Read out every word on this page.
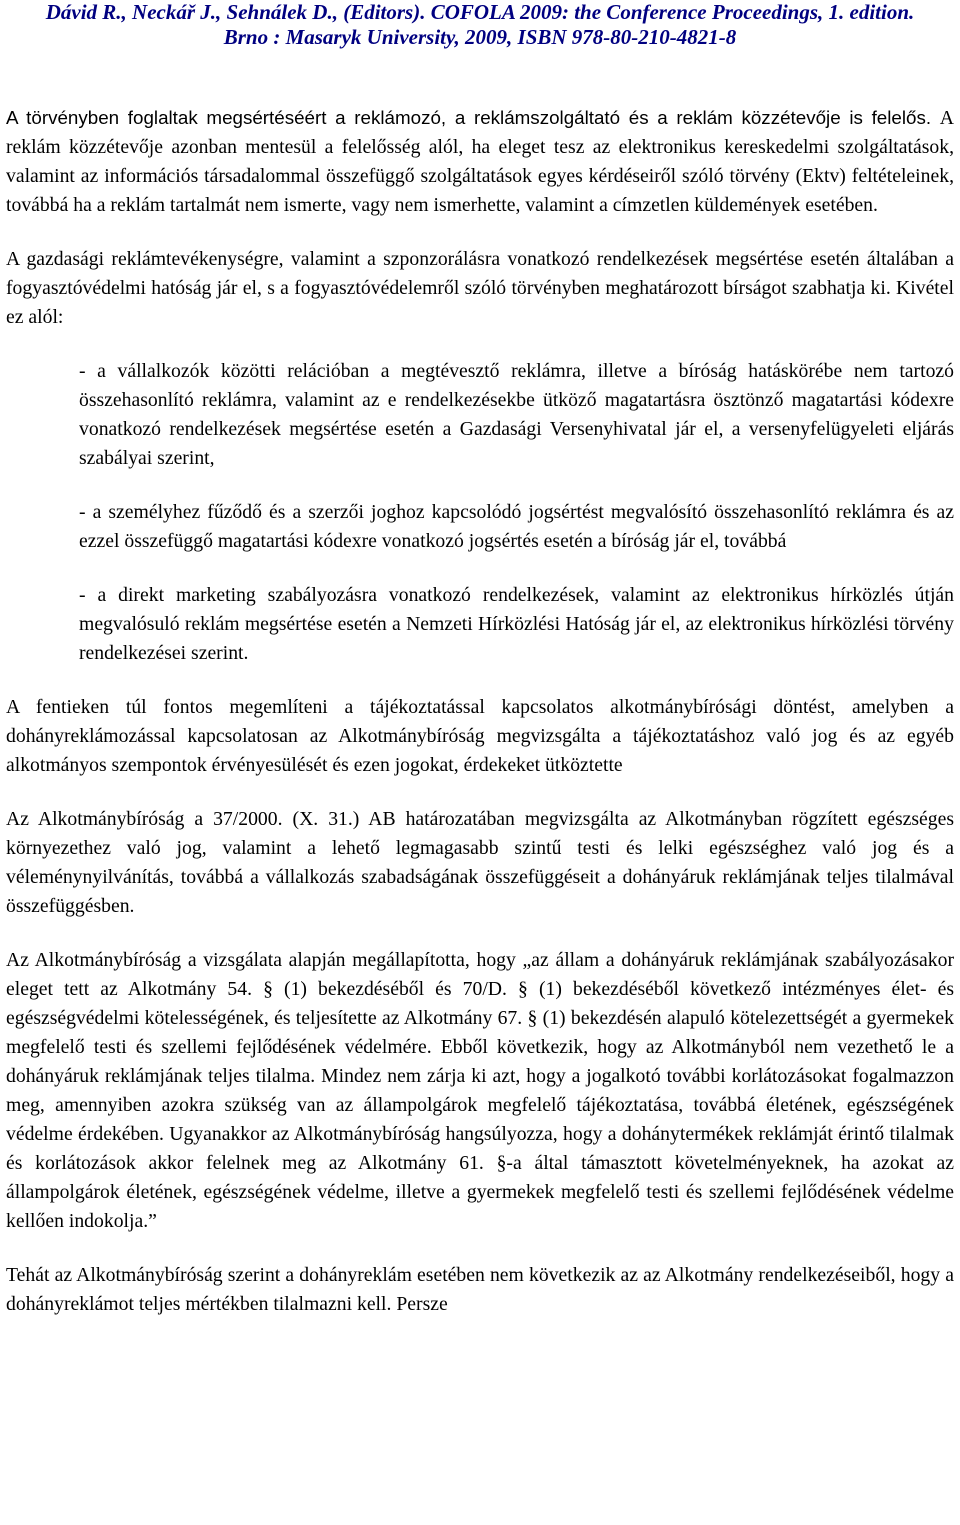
Dávid R., Neckář J., Sehnálek D., (Editors). COFOLA 2009: the Conference Proceedings, 1. edition.
Brno : Masaryk University, 2009, ISBN 978-80-210-4821-8

A törvényben foglaltak megsértéséért a reklámozó, a reklámszolgáltató és a reklám közzétevője is felelős. A reklám közzétevője azonban mentesül a felelősség alól, ha eleget tesz az elektronikus kereskedelmi szolgáltatások, valamint az információs társadalommal összefüggő szolgáltatások egyes kérdéseiről szóló törvény (Ektv) feltételeinek, továbbá ha a reklám tartalmát nem ismerte, vagy nem ismerhette, valamint a címzetlen küldemények esetében.

A gazdasági reklámtevékenységre, valamint a szponzorálásra vonatkozó rendelkezések megsértése esetén általában a fogyasztóvédelmi hatóság jár el, s a fogyasztóvédelemről szóló törvényben meghatározott bírságot szabhatja ki. Kivétel ez alól:

- a vállalkozók közötti relációban a megtévesztő reklámra, illetve a bíróság hatáskörébe nem tartozó összehasonlító reklámra, valamint az e rendelkezésekbe ütköző magatartásra ösztönző magatartási kódexre vonatkozó rendelkezések megsértése esetén a Gazdasági Versenyhivatal jár el, a versenyfelügyeleti eljárás szabályai szerint,

- a személyhez fűződő és a szerzői joghoz kapcsolódó jogsértést megvalósító összehasonlító reklámra és az ezzel összefüggő magatartási kódexre vonatkozó jogsértés esetén a bíróság jár el, továbbá

- a direkt marketing szabályozásra vonatkozó rendelkezések, valamint az elektronikus hírközlés útján megvalósuló reklám megsértése esetén a Nemzeti Hírközlési Hatóság jár el, az elektronikus hírközlési törvény rendelkezései szerint.

A fentieken túl fontos megemlíteni a tájékoztatással kapcsolatos alkotmánybírósági döntést, amelyben a dohányreklámozással kapcsolatosan az Alkotmánybíróság megvizsgálta a tájékoztatáshoz való jog és az egyéb alkotmányos szempontok érvényesülését és ezen jogokat, érdekeket ütköztette

Az Alkotmánybíróság a 37/2000. (X. 31.) AB határozatában megvizsgálta az Alkotmányban rögzített egészséges környezethez való jog, valamint a lehető legmagasabb szintű testi és lelki egészséghez való jog és a véleménynyilvánítás, továbbá a vállalkozás szabadságának összefüggéseit a dohányáruk reklámjának teljes tilalmával összefüggésben.

Az Alkotmánybíróság a vizsgálata alapján megállapította, hogy „az állam a dohányáruk reklámjának szabályozásakor eleget tett az Alkotmány 54. § (1) bekezdéséből és 70/D. § (1) bekezdéséből következő intézményes élet- és egészségvédelmi kötelességének, és teljesítette az Alkotmány 67. § (1) bekezdésén alapuló kötelezettségét a gyermekek megfelelő testi és szellemi fejlődésének védelmére. Ebből következik, hogy az Alkotmányból nem vezethető le a dohányáruk reklámjának teljes tilalma. Mindez nem zárja ki azt, hogy a jogalkotó további korlátozásokat fogalmazzon meg, amennyiben azokra szükség van az állampolgárok megfelelő tájékoztatása, továbbá életének, egészségének védelme érdekében. Ugyanakkor az Alkotmánybíróság hangsúlyozza, hogy a dohánytermékek reklámját érintő tilalmak és korlátozások akkor felelnek meg az Alkotmány 61. §-a által támasztott követelményeknek, ha azokat az állampolgárok életének, egészségének védelme, illetve a gyermekek megfelelő testi és szellemi fejlődésének védelme kellően indokolja.”

Tehát az Alkotmánybíróság szerint a dohányreklám esetében nem következik az az Alkotmány rendelkezéseiből, hogy a dohányreklámot teljes mértékben tilalmazni kell. Persze
